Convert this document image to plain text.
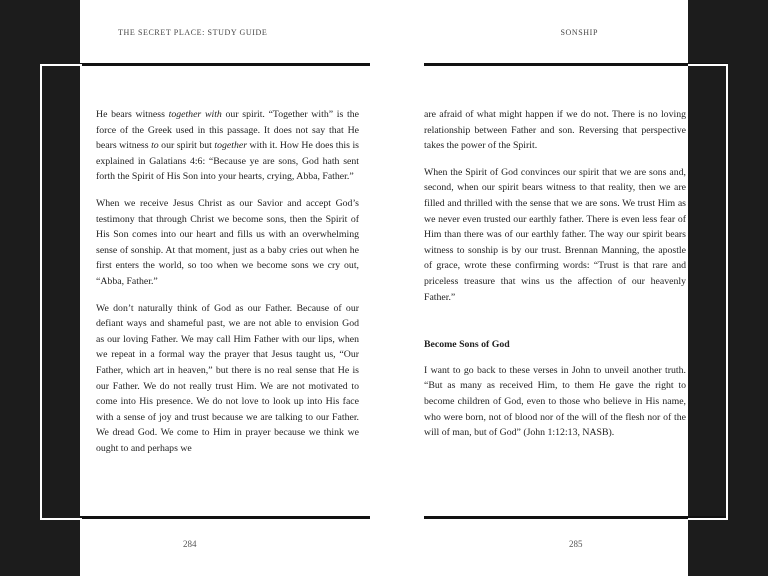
THE SECRET PLACE: STUDY GUIDE

He bears witness together with our spirit. “Together with” is the force of the Greek used in this passage. It does not say that He bears witness to our spirit but together with it. How He does this is explained in Galatians 4:6: “Because ye are sons, God hath sent forth the Spirit of His Son into your hearts, crying, Abba, Father.”

When we receive Jesus Christ as our Savior and accept God’s testimony that through Christ we become sons, then the Spirit of His Son comes into our heart and fills us with an overwhelming sense of sonship. At that moment, just as a baby cries out when he first enters the world, so too when we become sons we cry out, “Abba, Father.”

We don’t naturally think of God as our Father. Because of our defiant ways and shameful past, we are not able to envision God as our loving Father. We may call Him Father with our lips, when we repeat in a formal way the prayer that Jesus taught us, “Our Father, which art in heaven,” but there is no real sense that He is our Father. We do not really trust Him. We are not motivated to come into His presence. We do not love to look up into His face with a sense of joy and trust because we are talking to our Father. We dread God. We come to Him in prayer because we think we ought to and perhaps we

284
SONSHIP

are afraid of what might happen if we do not. There is no loving relationship between Father and son. Reversing that perspective takes the power of the Spirit.

When the Spirit of God convinces our spirit that we are sons and, second, when our spirit bears witness to that reality, then we are filled and thrilled with the sense that we are sons. We trust Him as we never even trusted our earthly father. There is even less fear of Him than there was of our earthly father. The way our spirit bears witness to sonship is by our trust. Brennan Manning, the apostle of grace, wrote these confirming words: “Trust is that rare and priceless treasure that wins us the affection of our heavenly Father.”

Become Sons of God

I want to go back to these verses in John to unveil another truth. “But as many as received Him, to them He gave the right to become children of God, even to those who believe in His name, who were born, not of blood nor of the will of the flesh nor of the will of man, but of God” (John 1:12:13, NASB).

285
